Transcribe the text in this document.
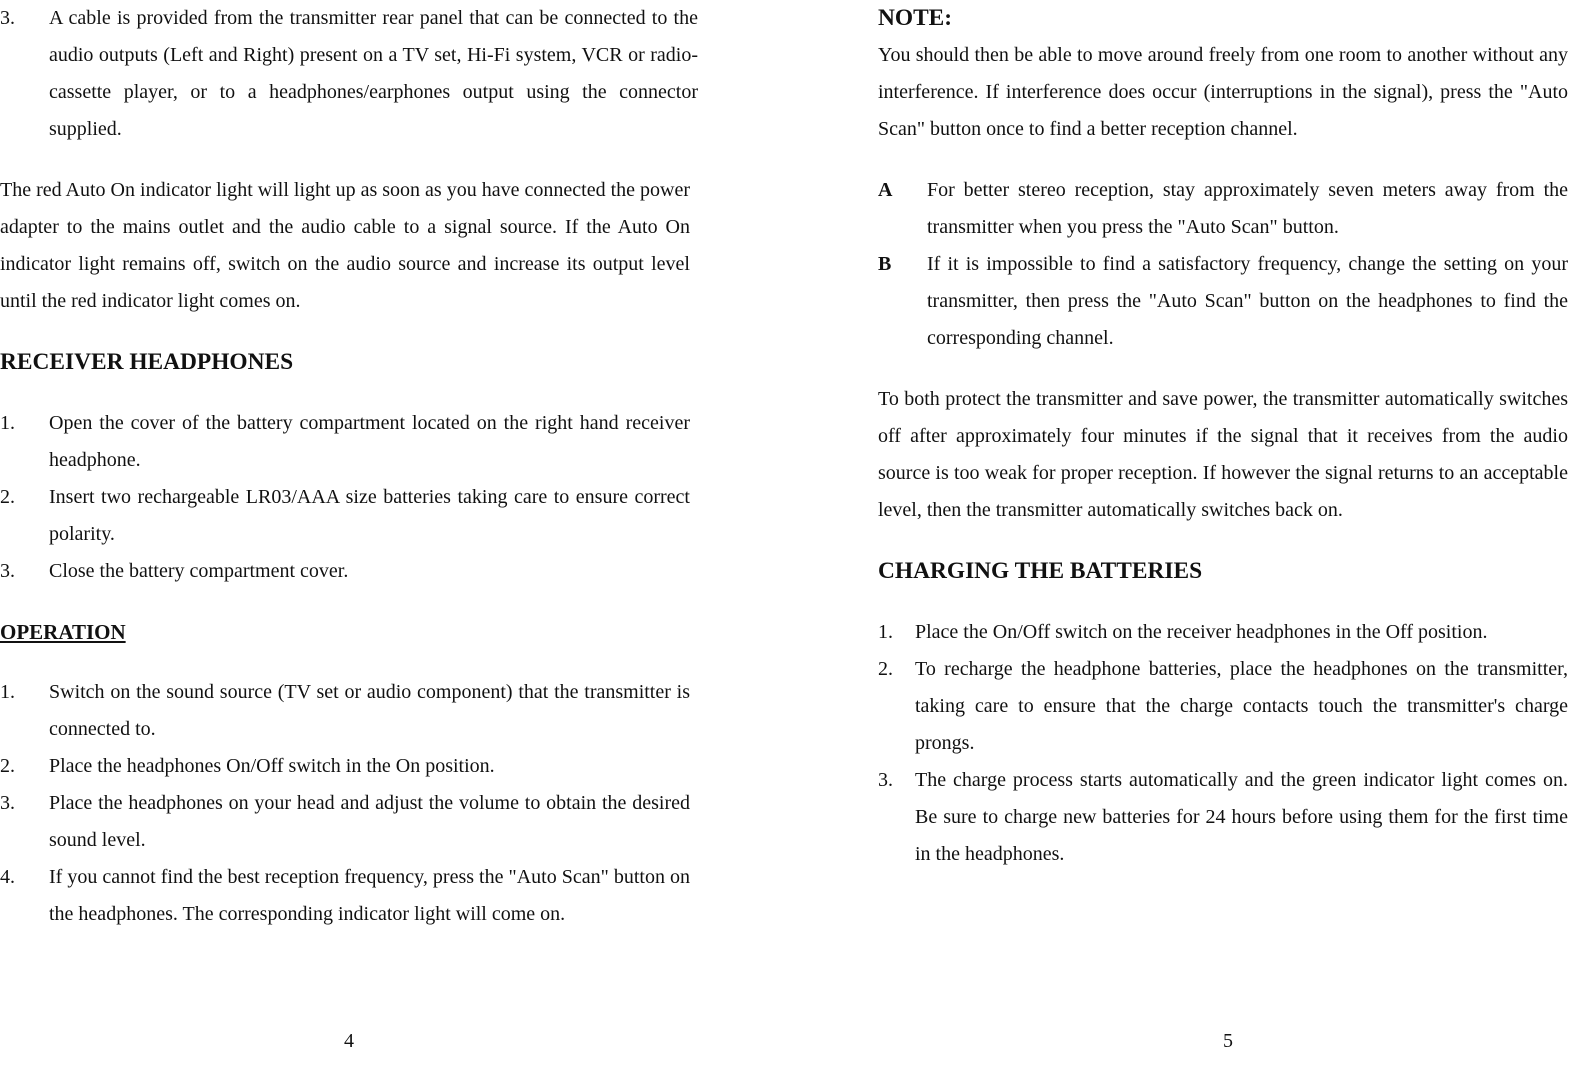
3.	A cable is provided from the transmitter rear panel that can be connected to the audio outputs (Left and Right) present on a TV set, Hi-Fi system, VCR or radio-cassette player, or to a headphones/earphones output using the connector supplied.

The red Auto On indicator light will light up as soon as you have connected the power adapter to the mains outlet and the audio cable to a signal source. If the Auto On indicator light remains off, switch on the audio source and increase its output level until the red indicator light comes on.

RECEIVER HEADPHONES
1.	Open the cover of the battery compartment located on the right hand receiver headphone.
2.	Insert two rechargeable LR03/AAA size batteries taking care to ensure correct polarity.
3.	Close the battery compartment cover.
OPERATION
1.	Switch on the sound source (TV set or audio component) that the transmitter is connected to.
2.	Place the headphones On/Off switch in the On position.
3.	Place the headphones on your head and adjust the volume to obtain the desired sound level.
4.	If you cannot find the best reception frequency, press the "Auto Scan" button on the headphones. The corresponding indicator light will come on.
4
NOTE:

You should then be able to move around freely from one room to another without any interference. If interference does occur (interruptions in the signal), press the "Auto Scan" button once to find a better reception channel.

A	For better stereo reception, stay approximately seven meters away from the transmitter when you press the "Auto Scan" button.
B	If it is impossible to find a satisfactory frequency, change the setting on your transmitter, then press the "Auto Scan" button on the headphones to find the corresponding channel.

To both protect the transmitter and save power, the transmitter automatically switches off after approximately four minutes if the signal that it receives from the audio source is too weak for proper reception. If however the signal returns to an acceptable level, then the transmitter automatically switches back on.

CHARGING THE BATTERIES
1.	Place the On/Off switch on the receiver headphones in the Off position.
2.	To recharge the headphone batteries, place the headphones on the transmitter, taking care to ensure that the charge contacts touch the transmitter's charge prongs.
3.	The charge process starts automatically and the green indicator light comes on. Be sure to charge new batteries for 24 hours before using them for the first time in the headphones.
5
